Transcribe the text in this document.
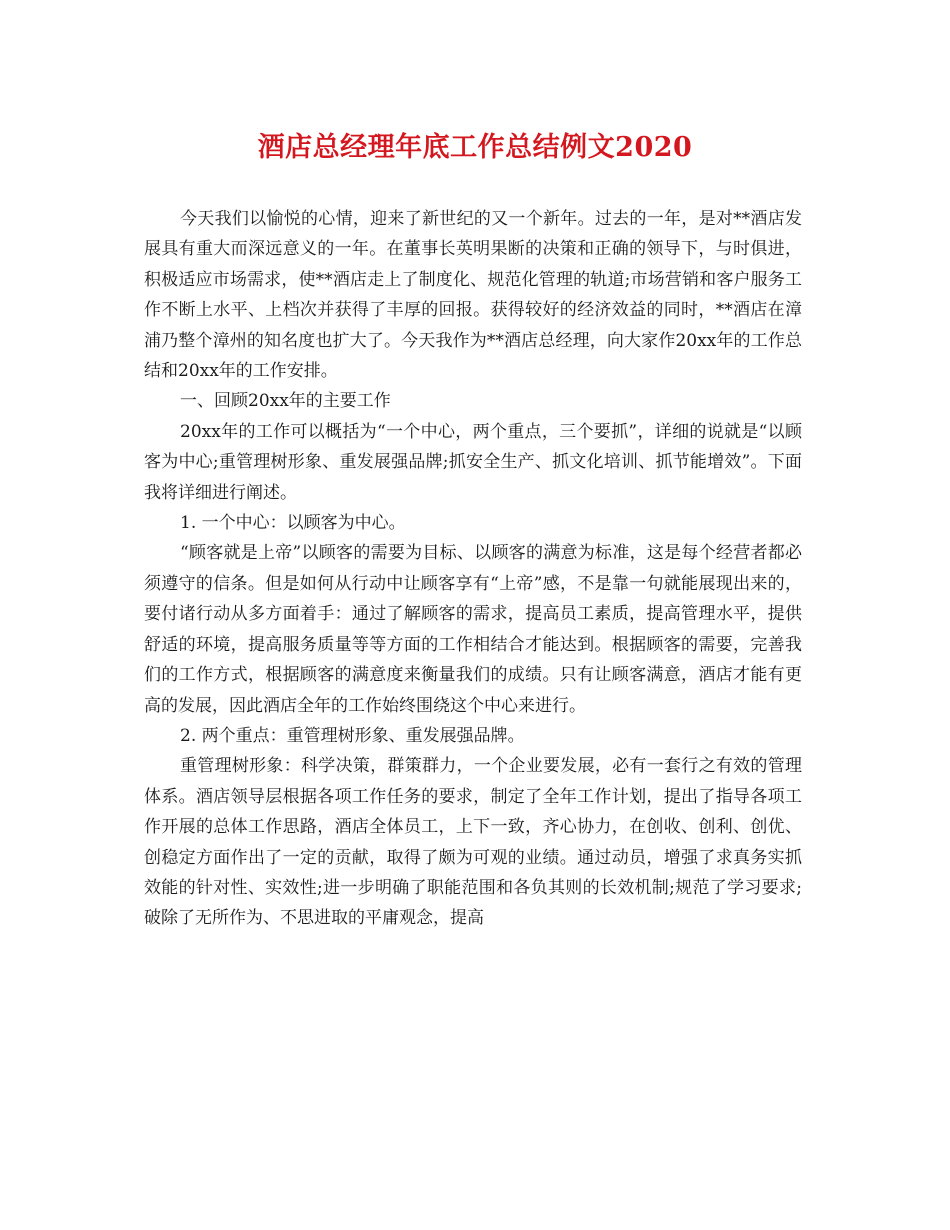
酒店总经理年底工作总结例文2020

今天我们以愉悦的心情，迎来了新世纪的又一个新年。过去的一年，是对**酒店发展具有重大而深远意义的一年。在董事长英明果断的决策和正确的领导下，与时俱进，积极适应市场需求，使**酒店走上了制度化、规范化管理的轨道;市场营销和客户服务工作不断上水平、上档次并获得了丰厚的回报。获得较好的经济效益的同时，**酒店在漳浦乃整个漳州的知名度也扩大了。今天我作为**酒店总经理，向大家作20xx年的工作总结和20xx年的工作安排。

一、回顾20xx年的主要工作

20xx年的工作可以概括为“一个中心，两个重点，三个要抓”，详细的说就是“以顾客为中心;重管理树形象、重发展强品牌;抓安全生产、抓文化培训、抓节能增效”。下面我将详细进行阐述。

1. 一个中心：以顾客为中心。

“顾客就是上帝”以顾客的需要为目标、以顾客的满意为标准，这是每个经营者都必须遵守的信条。但是如何从行动中让顾客享有“上帝”感，不是靠一句就能展现出来的，要付诸行动从多方面着手：通过了解顾客的需求，提高员工素质，提高管理水平，提供舒适的环境，提高服务质量等等方面的工作相结合才能达到。根据顾客的需要，完善我们的工作方式，根据顾客的满意度来衡量我们的成绩。只有让顾客满意，酒店才能有更高的发展，因此酒店全年的工作始终围绕这个中心来进行。

2. 两个重点：重管理树形象、重发展强品牌。

重管理树形象：科学决策，群策群力，一个企业要发展，必有一套行之有效的管理体系。酒店领导层根据各项工作任务的要求，制定了全年工作计划，提出了指导各项工作开展的总体工作思路，酒店全体员工，上下一致，齐心协力，在创收、创利、创优、创稳定方面作出了一定的贡献，取得了颇为可观的业绩。通过动员，增强了求真务实抓效能的针对性、实效性;进一步明确了职能范围和各负其则的长效机制;规范了学习要求;破除了无所作为、不思进取的平庸观念，提高
